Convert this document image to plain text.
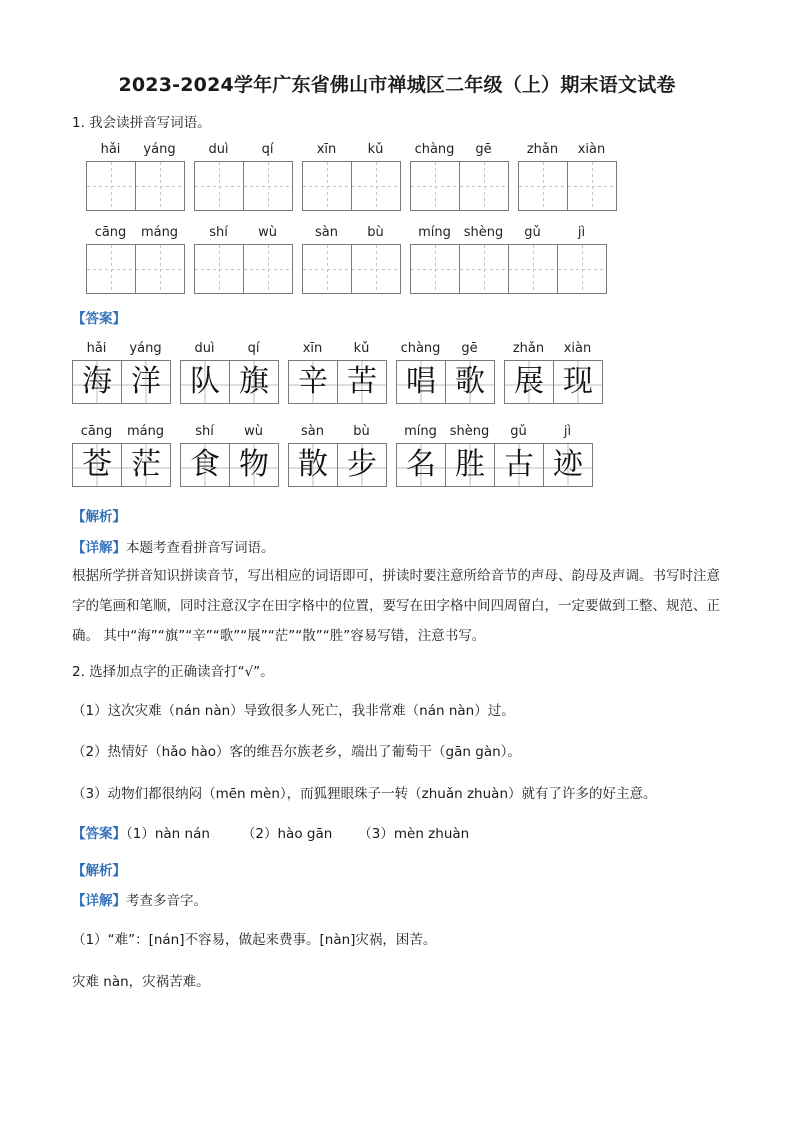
2023-2024学年广东省佛山市禅城区二年级（上）期末语文试卷
1. 我会读拼音写词语。
hǎi	yáng	duì	qí	xīn	kǔ	chàng	gē	zhǎn	xiàn
cāng	máng	shí	wù	sàn	bù	míng shèng	gǔ	jì
【答案】
hǎi	yáng
海 洋
duì	qí
队 旗
xīn	kǔ
辛 苦
chàng	gē
唱 歌
zhǎn	xiàn
展 现
cāng	máng
苍 茫
shí	wù
食 物
sàn	bù
散 步
míng shèng	gǔ	jì
名 胜 古 迹
【解析】
【详解】本题考查看拼音写词语。
根据所学拼音知识拼读音节，写出相应的词语即可，拼读时要注意所给音节的声母、韵母及声调。书写时注意字的笔画和笔顺，同时注意汉字在田字格中的位置，要写在田字格中间四周留白，一定要做到工整、规范、正确。 其中“海”“旗”“辛”“歌”“展”“茫”“散”“胜”容易写错，注意书写。
2. 选择加点字的正确读音打“√”。
（1）这次灾难（nán nàn）导致很多人死亡，我非常难（nán nàn）过。
（2）热情好（hǎo hào）客的维吾尔族老乡，端出了葡萄干（gān gàn）。
（3）动物们都很纳闷（mēn mèn），而狐狸眼珠子一转（zhuǎn zhuàn）就有了许多的好主意。
【答案】（1）nàn nán （2）hào gān （3）mèn zhuàn
【解析】
【详解】考查多音字。
（1）“难”：[nán]不容易，做起来费事。[nàn]灾祸，困苦。
灾难 nàn，灾祸苦难。
